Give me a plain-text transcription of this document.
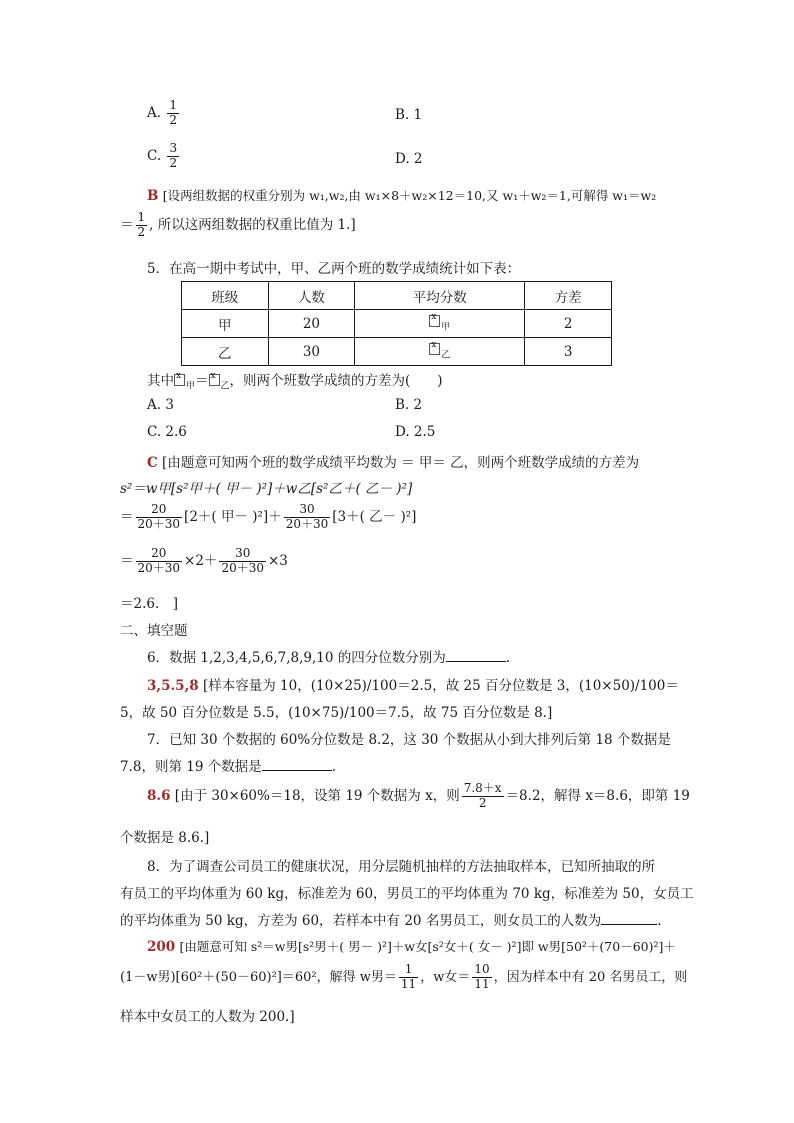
A. $\frac{1}{2}$	B. 1
C. $\frac{3}{2}$	D. 2
B [设两组数据的权重分别为 w₁,w₂,由 w₁×8＋w₂×12＝10,又 w₁＋w₂＝1,可解得 w₁＝w₂
＝ $\frac{1}{2}$ , 所以这两组数据的权重比值为 1.]
5．在高一期中考试中，甲、乙两个班的数学成绩统计如下表：
班级	人数	平均分数	方差
甲	20	$x_甲$	2
乙	30	$x_乙$	3
其中x $_甲$＝x $_乙$，则两个班数学成绩的方差为(　　)
A. 3	B. 2
C. 2.6	D. 2.5
C [由题意可知两个班的数学成绩平均数为 ＝ 甲＝ 乙，则两个班数学成绩的方差为
s²＝w甲[s²甲＋( 甲－ )²]＋w乙[s²乙＋( 乙－ )²]
＝ $\frac{20}{20+30} [2+$( 甲－ )$^2]+ \frac{30}{20+30} [3+$( 乙－ )²]
＝ $\frac{20}{20+30} \times 2+ \frac{30}{20+30} \times 3$
＝2.6.　]
二、填空题
6．数据 1,2,3,4,5,6,7,8,9,10 的四分位数分别为	.
3,5.5,8 [样本容量为 10，(10×25)/100＝2.5，故 25 百分位数是 3，(10×50)/100＝
5，故 50 百分位数是 5.5，(10×75)/100＝7.5，故 75 百分位数是 8.]
7．已知 30 个数据的 60%分位数是 8.2，这 30 个数据从小到大排列后第 18 个数据是
7.8，则第 19 个数据是	.
8.6 [由于 30×60%＝18，设第 19 个数据为 x，则 $\frac{7.8+x}{2} =8.2$，解得 x＝8.6，即第 19
个数据是 8.6.]
8．为了调查公司员工的健康状况，用分层随机抽样的方法抽取样本，已知所抽取的所
有员工的平均体重为 60 kg，标准差为 60，男员工的平均体重为 70 kg，标准差为 50，女员工
的平均体重为 50 kg，方差为 60，若样本中有 20 名男员工，则女员工的人数为	.
200 [由题意可知 s²＝w男[s²男＋( 男－ )²]＋w女[s²女＋( 女－ )²]即 w男[50²＋(70－60)²]＋
(1－w男)[60²＋(50－60)²]＝60²，解得 w男＝ $\frac{1}{11}$ ，w女＝ $\frac{10}{11}$ ，因为样本中有 20 名男员工，则
样本中女员工的人数为 200.]
